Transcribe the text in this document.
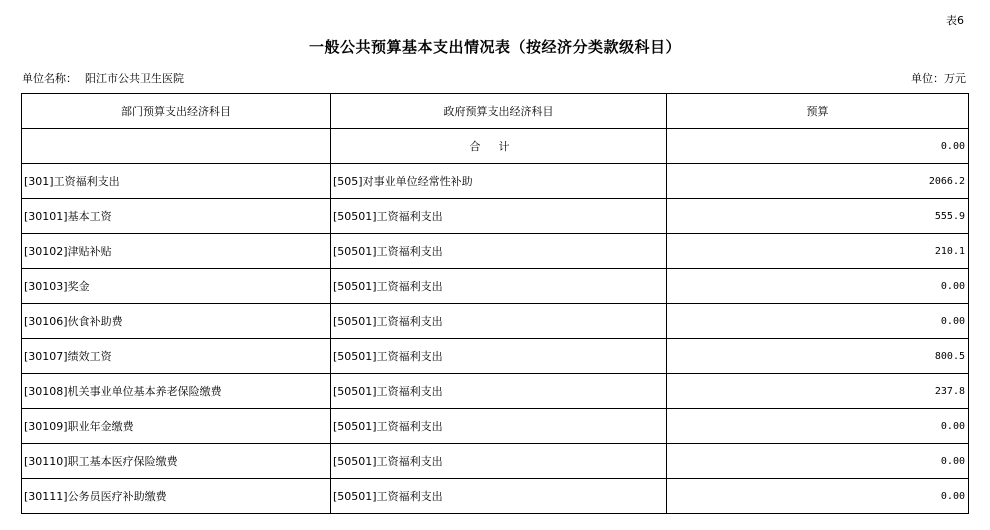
表6
一般公共预算基本支出情况表（按经济分类款级科目）
单位名称： 阳江市公共卫生医院	单位：万元
部门预算支出经济科目	政府预算支出经济科目	预算
	合计	0.00
[301]工资福利支出	[505]对事业单位经常性补助	2066.2
[30101]基本工资	[50501]工资福利支出	555.9
[30102]津贴补贴	[50501]工资福利支出	210.1
[30103]奖金	[50501]工资福利支出	0.00
[30106]伙食补助费	[50501]工资福利支出	0.00
[30107]绩效工资	[50501]工资福利支出	800.5
[30108]机关事业单位基本养老保险缴费	[50501]工资福利支出	237.8
[30109]职业年金缴费	[50501]工资福利支出	0.00
[30110]职工基本医疗保险缴费	[50501]工资福利支出	0.00
[30111]公务员医疗补助缴费	[50501]工资福利支出	0.00
